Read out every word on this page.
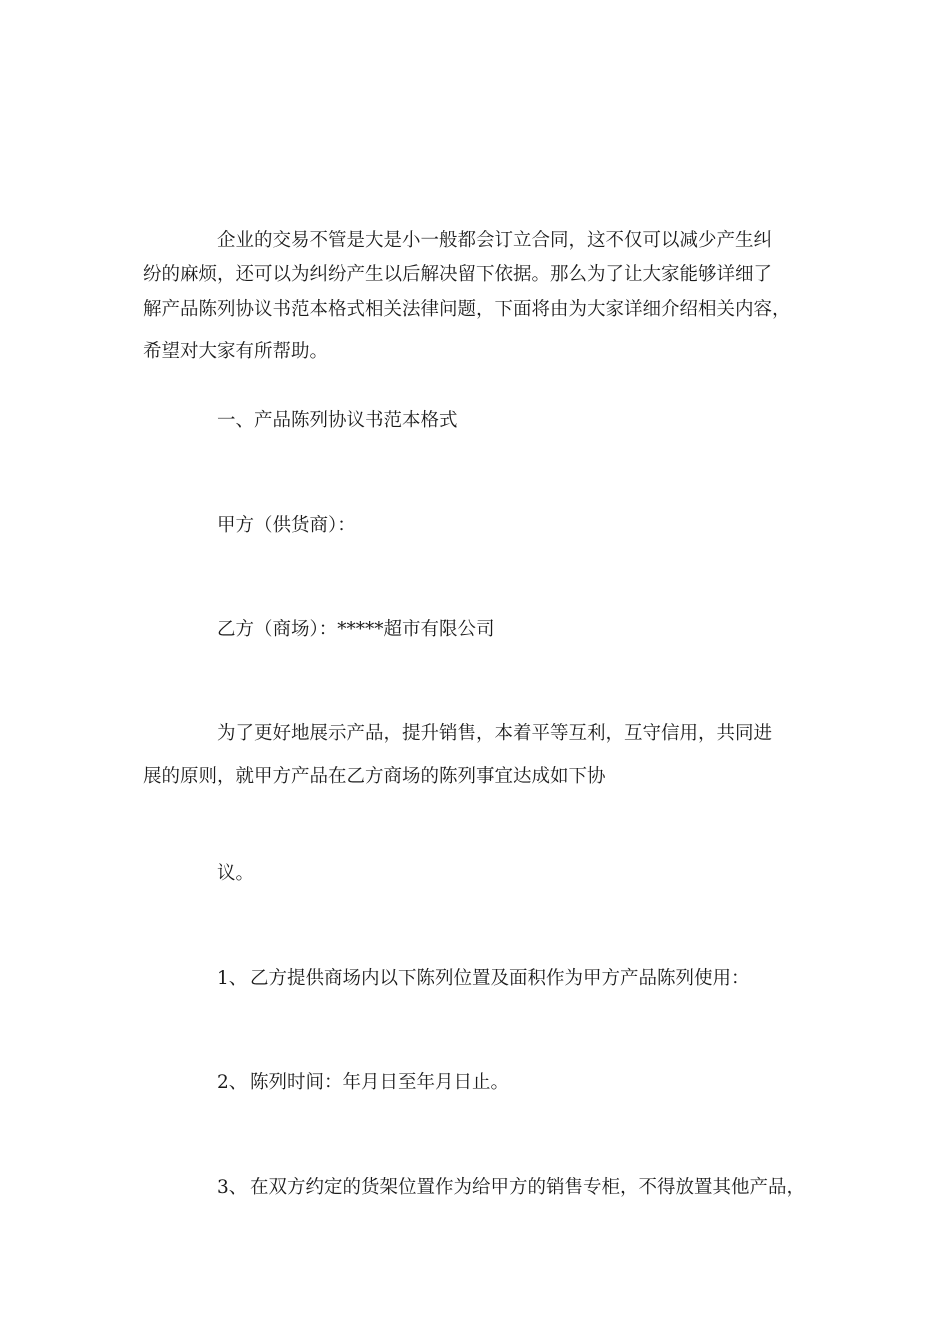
企业的交易不管是大是小一般都会订立合同，这不仅可以减少产生纠
纷的麻烦，还可以为纠纷产生以后解决留下依据。那么为了让大家能够详细了
解产品陈列协议书范本格式相关法律问题，下面将由为大家详细介绍相关内容，
希望对大家有所帮助。
一、产品陈列协议书范本格式
甲方（供货商）：
乙方（商场）：*****超市有限公司
为了更好地展示产品，提升销售，本着平等互利，互守信用，共同进
展的原则，就甲方产品在乙方商场的陈列事宜达成如下协
议。
1、 乙方提供商场内以下陈列位置及面积作为甲方产品陈列使用：
2、 陈列时间：年月日至年月日止。
3、 在双方约定的货架位置作为给甲方的销售专柜，不得放置其他产品，
